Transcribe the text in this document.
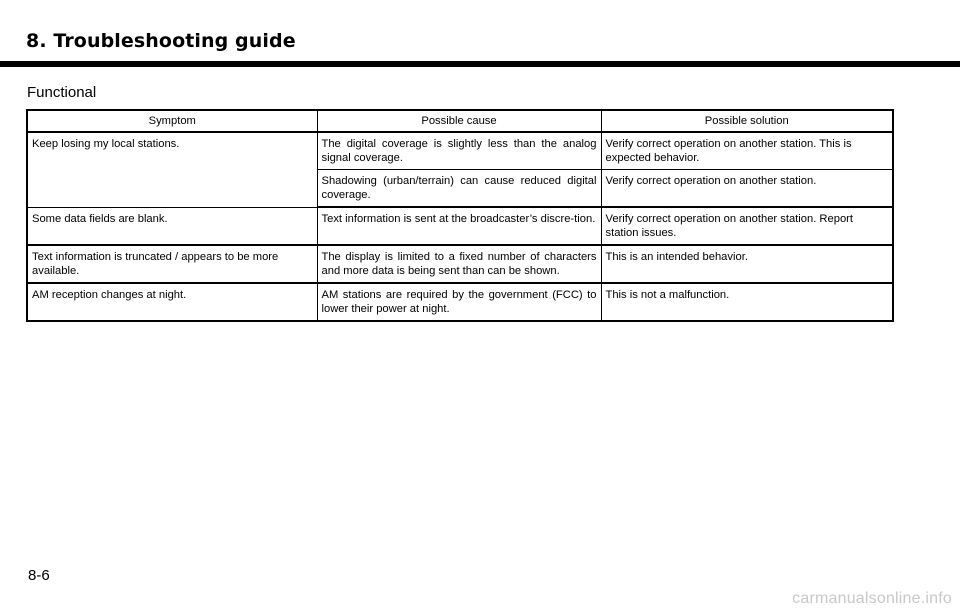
8. Troubleshooting guide
Functional
Symptom	Possible cause	Possible solution
Keep losing my local stations.	The digital coverage is slightly less than the analog signal coverage.	Verify correct operation on another station. This is expected behavior.
	Shadowing (urban/terrain) can cause reduced digital coverage.	Verify correct operation on another station.
Some data fields are blank.	Text information is sent at the broadcaster’s discre-tion.	Verify correct operation on another station. Report station issues.
Text information is truncated / appears to be more available.	The display is limited to a fixed number of characters and more data is being sent than can be shown.	This is an intended behavior.
AM reception changes at night.	AM stations are required by the government (FCC) to lower their power at night.	This is not a malfunction.
8-6
carmanualsonline.info
